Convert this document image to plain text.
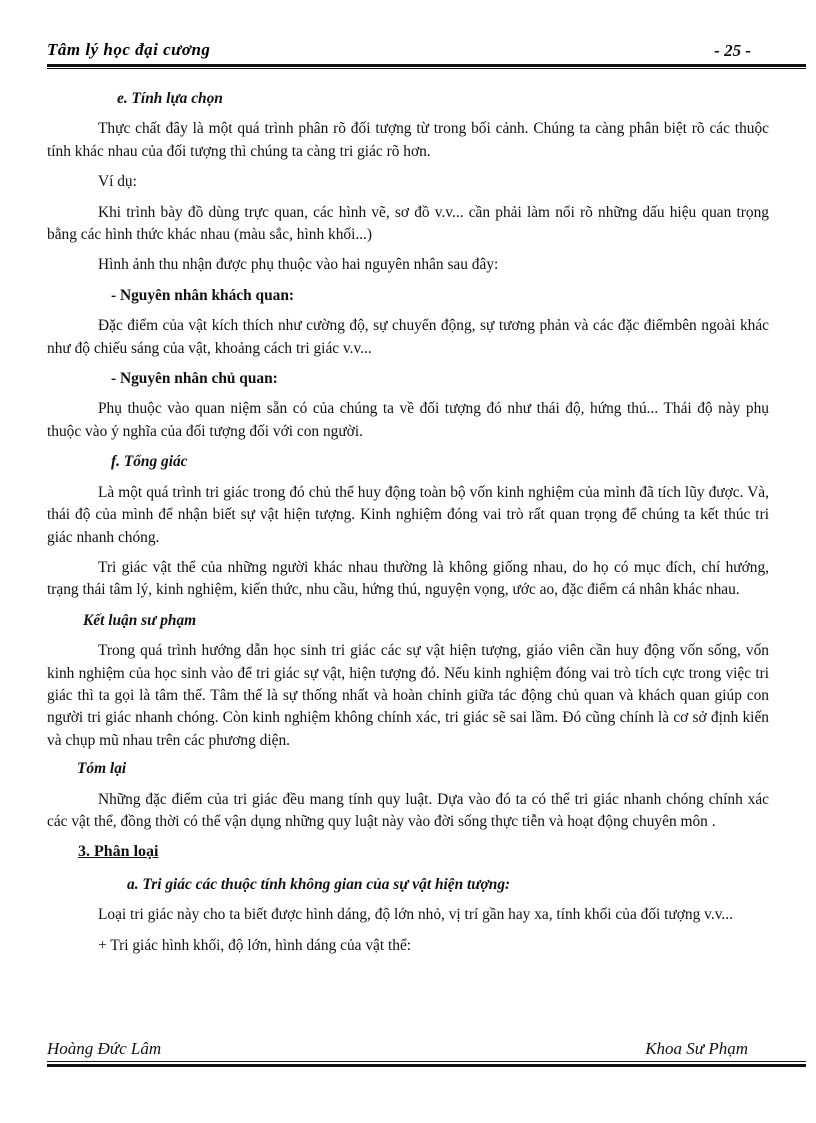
Tâm lý học đại cương	- 25 -

e. Tính lựa chọn

Thực chất đây là một quá trình phân rõ đối tượng từ trong bối cảnh. Chúng ta càng phân biệt rõ các thuộc tính khác nhau của đối tượng thì chúng ta càng tri giác rõ hơn.

Ví dụ:

Khi trình bày đồ dùng trực quan, các hình vẽ, sơ đồ v.v... cần phải làm nổi rõ những dấu hiệu quan trọng bằng các hình thức khác nhau (màu sắc, hình khối...)

Hình ảnh thu nhận được phụ thuộc vào hai nguyên nhân sau đây:

- Nguyên nhân khách quan:

Đặc điểm của vật kích thích như cường độ, sự chuyển động, sự tương phản và các đặc điểmbên ngoài khác như độ chiếu sáng của vật, khoảng cách tri giác v.v...

- Nguyên nhân chủ quan:

Phụ thuộc vào quan niệm sẵn có của chúng ta về đối tượng đó như thái độ, hứng thú... Thái độ này phụ thuộc vào ý nghĩa của đối tượng đối với con người.

f. Tổng giác

Là một quá trình tri giác trong đó chủ thể huy động toàn bộ vốn kinh nghiệm của mình đã tích lũy được. Và, thái độ của mình để nhận biết sự vật hiện tượng. Kinh nghiệm đóng vai trò rất quan trọng để chúng ta kết thúc tri giác nhanh chóng.

Tri giác vật thể của những người khác nhau thường là không giống nhau, do họ có mục đích, chí hướng, trạng thái tâm lý, kinh nghiệm, kiến thức, nhu cầu, hứng thú, nguyện vọng, ước ao, đặc điểm cá nhân khác nhau.

Kết luận sư phạm

Trong quá trình hướng dẫn học sinh tri giác các sự vật hiện tượng, giáo viên cần huy động vốn sống, vốn kinh nghiệm của học sinh vào để tri giác sự vật, hiện tượng đó. Nếu kinh nghiệm đóng vai trò tích cực trong việc tri giác thì ta gọi là tâm thế. Tâm thế là sự thống nhất và hoàn chỉnh giữa tác động chủ quan và khách quan giúp con người tri giác nhanh chóng. Còn kinh nghiệm không chính xác, tri giác sẽ sai lầm. Đó cũng chính là cơ sở định kiến và chụp mũ nhau trên các phương diện.

Tóm lại

Những đặc điểm của tri giác đều mang tính quy luật. Dựa vào đó ta có thể tri giác nhanh chóng chính xác các vật thể, đồng thời có thể vận dụng những quy luật này vào đời sống thực tiễn và hoạt động chuyên môn .

3. Phân loại

a. Tri giác các thuộc tính không gian của sự vật hiện tượng:

Loại tri giác này cho ta biết được hình dáng, độ lớn nhỏ, vị trí gần hay xa, tính khối của đối tượng v.v...

+ Tri giác hình khối, độ lớn, hình dáng của vật thể:

Hoàng Đức Lâm	Khoa Sư Phạm
